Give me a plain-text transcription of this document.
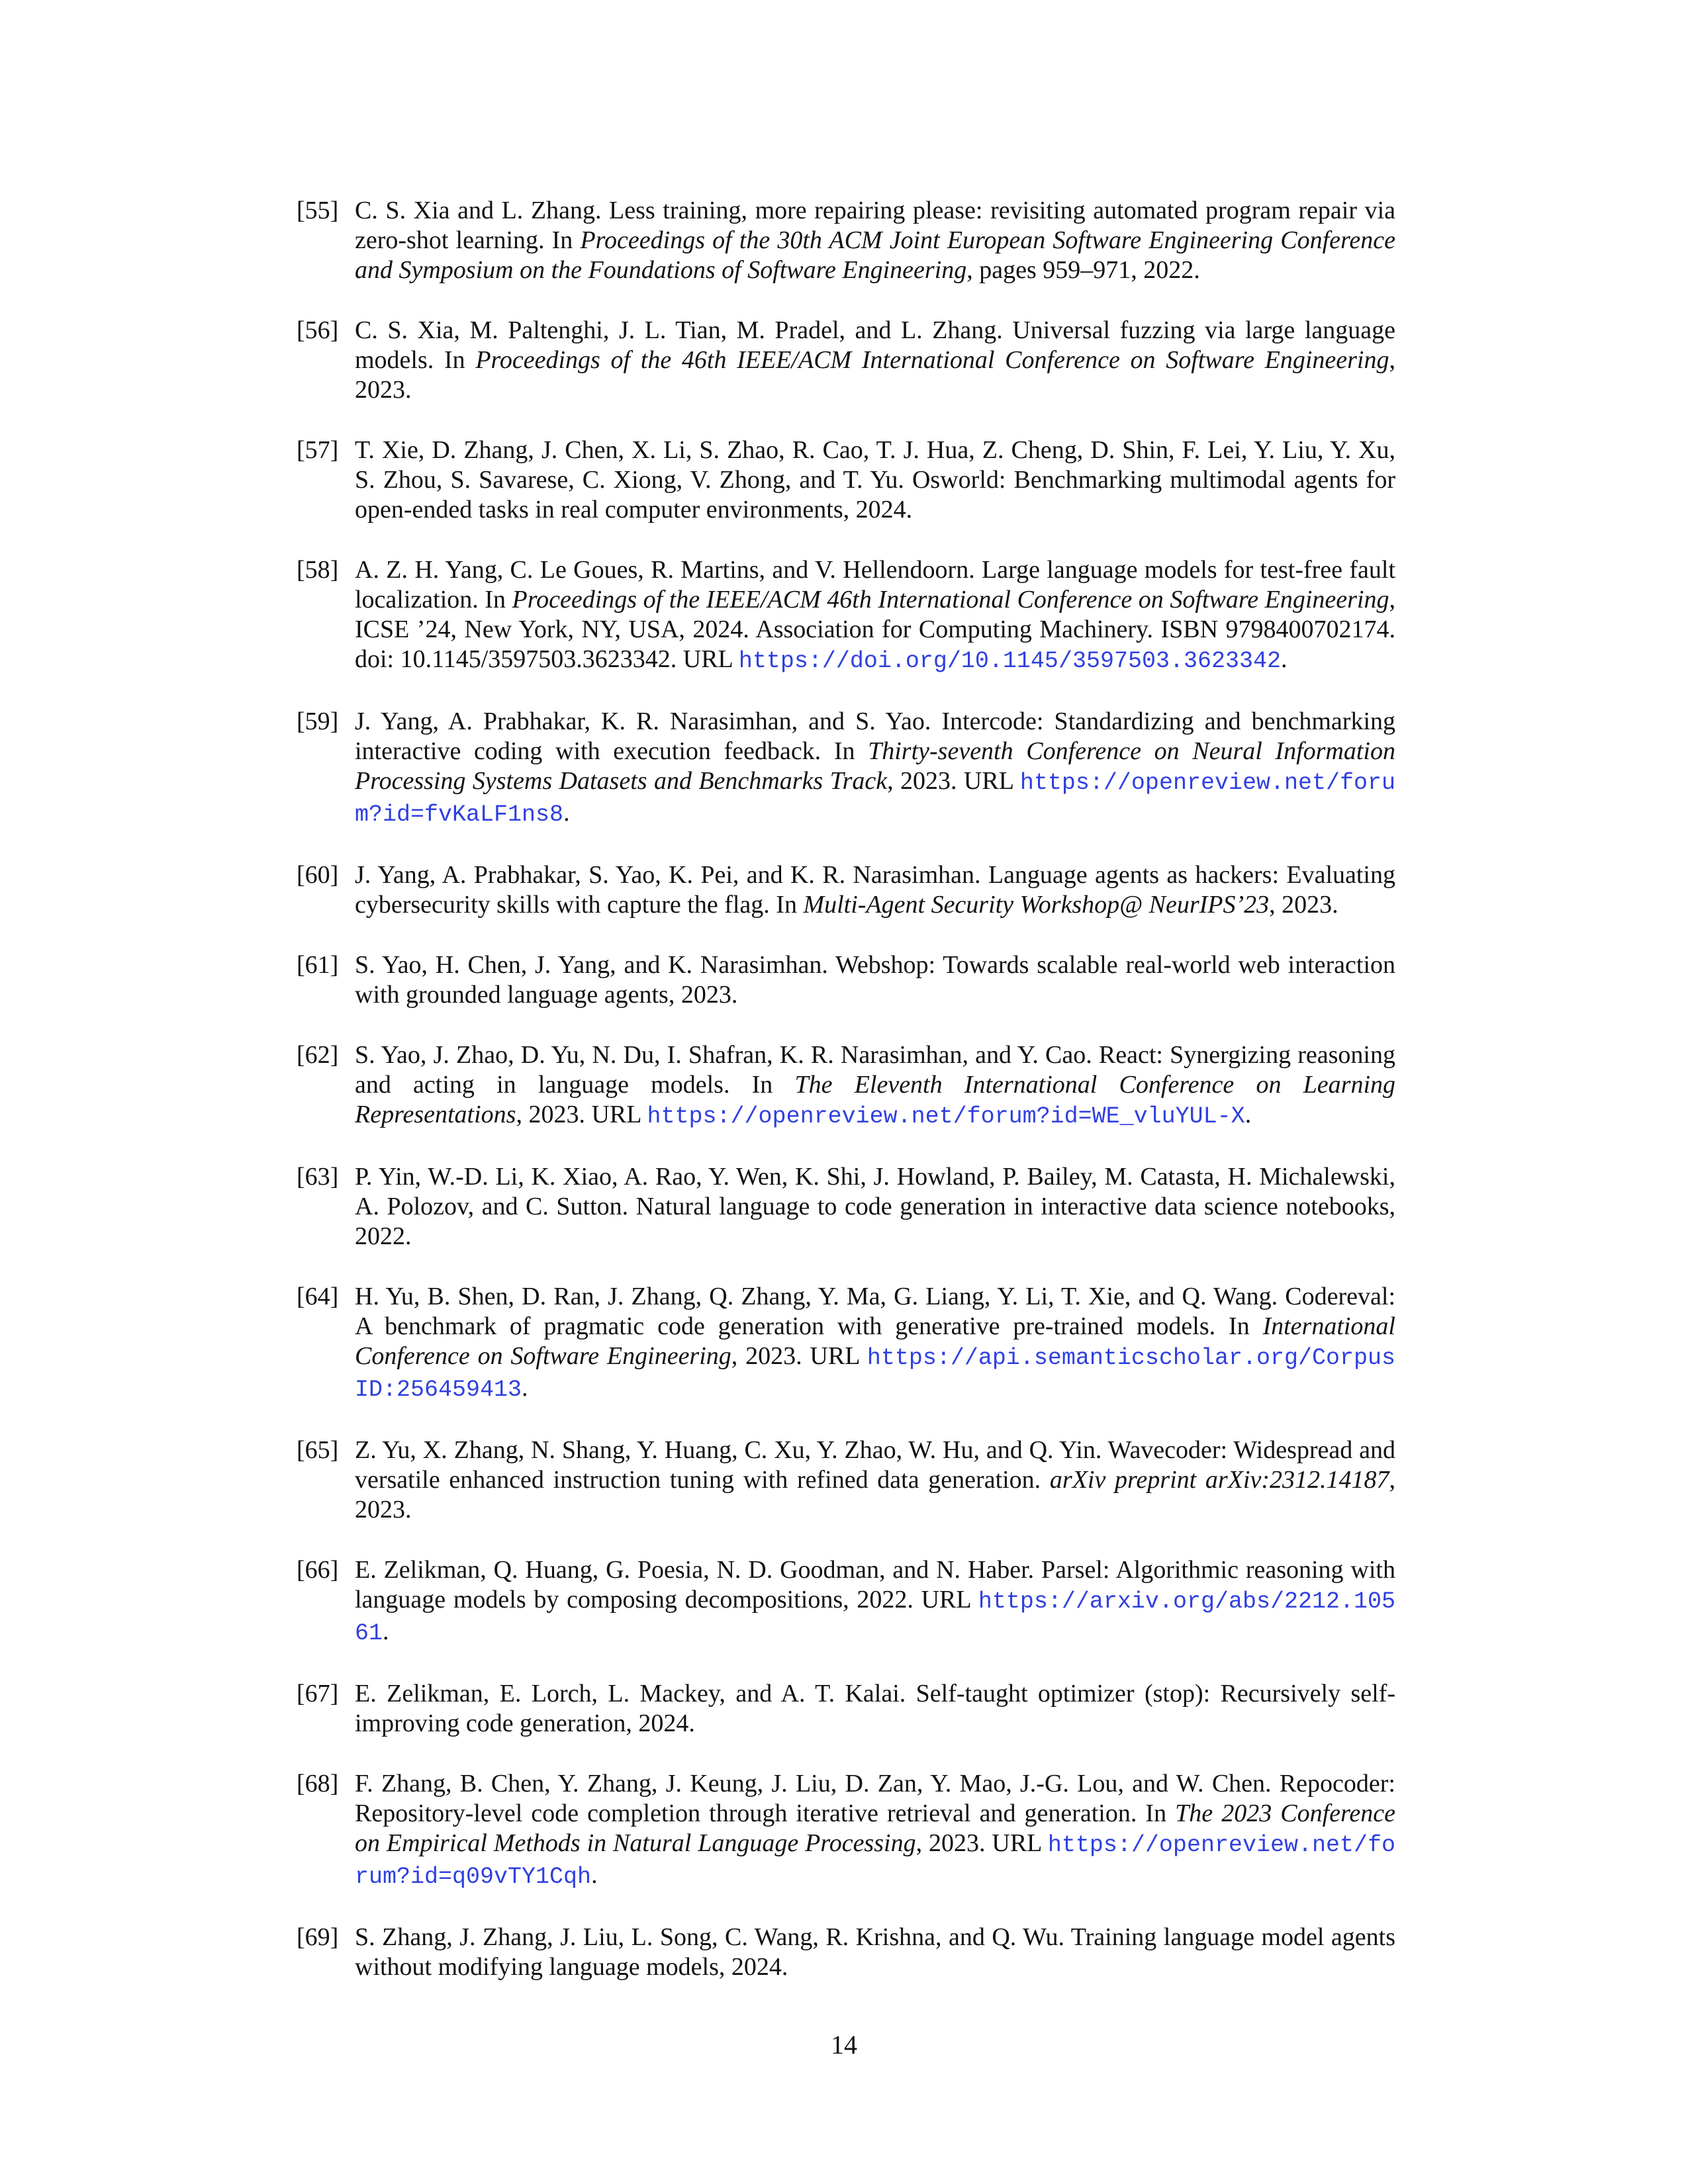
[55] C. S. Xia and L. Zhang. Less training, more repairing please: revisiting automated program repair via zero-shot learning. In Proceedings of the 30th ACM Joint European Software Engineering Conference and Symposium on the Foundations of Software Engineering, pages 959–971, 2022.
[56] C. S. Xia, M. Paltenghi, J. L. Tian, M. Pradel, and L. Zhang. Universal fuzzing via large language models. In Proceedings of the 46th IEEE/ACM International Conference on Software Engineering, 2023.
[57] T. Xie, D. Zhang, J. Chen, X. Li, S. Zhao, R. Cao, T. J. Hua, Z. Cheng, D. Shin, F. Lei, Y. Liu, Y. Xu, S. Zhou, S. Savarese, C. Xiong, V. Zhong, and T. Yu. Osworld: Benchmarking multimodal agents for open-ended tasks in real computer environments, 2024.
[58] A. Z. H. Yang, C. Le Goues, R. Martins, and V. Hellendoorn. Large language models for test-free fault localization. In Proceedings of the IEEE/ACM 46th International Conference on Software Engineering, ICSE ’24, New York, NY, USA, 2024. Association for Computing Machinery. ISBN 9798400702174. doi: 10.1145/3597503.3623342. URL https://doi.org/10.1145/3597503.3623342.
[59] J. Yang, A. Prabhakar, K. R. Narasimhan, and S. Yao. Intercode: Standardizing and benchmarking interactive coding with execution feedback. In Thirty-seventh Conference on Neural Information Processing Systems Datasets and Benchmarks Track, 2023. URL https://openreview.net/forum?id=fvKaLF1ns8.
[60] J. Yang, A. Prabhakar, S. Yao, K. Pei, and K. R. Narasimhan. Language agents as hackers: Evaluating cybersecurity skills with capture the flag. In Multi-Agent Security Workshop@ NeurIPS’23, 2023.
[61] S. Yao, H. Chen, J. Yang, and K. Narasimhan. Webshop: Towards scalable real-world web interaction with grounded language agents, 2023.
[62] S. Yao, J. Zhao, D. Yu, N. Du, I. Shafran, K. R. Narasimhan, and Y. Cao. React: Synergizing reasoning and acting in language models. In The Eleventh International Conference on Learning Representations, 2023. URL https://openreview.net/forum?id=WE_vluYUL-X.
[63] P. Yin, W.-D. Li, K. Xiao, A. Rao, Y. Wen, K. Shi, J. Howland, P. Bailey, M. Catasta, H. Michalewski, A. Polozov, and C. Sutton. Natural language to code generation in interactive data science notebooks, 2022.
[64] H. Yu, B. Shen, D. Ran, J. Zhang, Q. Zhang, Y. Ma, G. Liang, Y. Li, T. Xie, and Q. Wang. Codereval: A benchmark of pragmatic code generation with generative pre-trained models. In International Conference on Software Engineering, 2023. URL https://api.semanticscholar.org/CorpusID:256459413.
[65] Z. Yu, X. Zhang, N. Shang, Y. Huang, C. Xu, Y. Zhao, W. Hu, and Q. Yin. Wavecoder: Widespread and versatile enhanced instruction tuning with refined data generation. arXiv preprint arXiv:2312.14187, 2023.
[66] E. Zelikman, Q. Huang, G. Poesia, N. D. Goodman, and N. Haber. Parsel: Algorithmic reasoning with language models by composing decompositions, 2022. URL https://arxiv.org/abs/2212.10561.
[67] E. Zelikman, E. Lorch, L. Mackey, and A. T. Kalai. Self-taught optimizer (stop): Recursively self-improving code generation, 2024.
[68] F. Zhang, B. Chen, Y. Zhang, J. Keung, J. Liu, D. Zan, Y. Mao, J.-G. Lou, and W. Chen. Repocoder: Repository-level code completion through iterative retrieval and generation. In The 2023 Conference on Empirical Methods in Natural Language Processing, 2023. URL https://openreview.net/forum?id=q09vTY1Cqh.
[69] S. Zhang, J. Zhang, J. Liu, L. Song, C. Wang, R. Krishna, and Q. Wu. Training language model agents without modifying language models, 2024.
14
